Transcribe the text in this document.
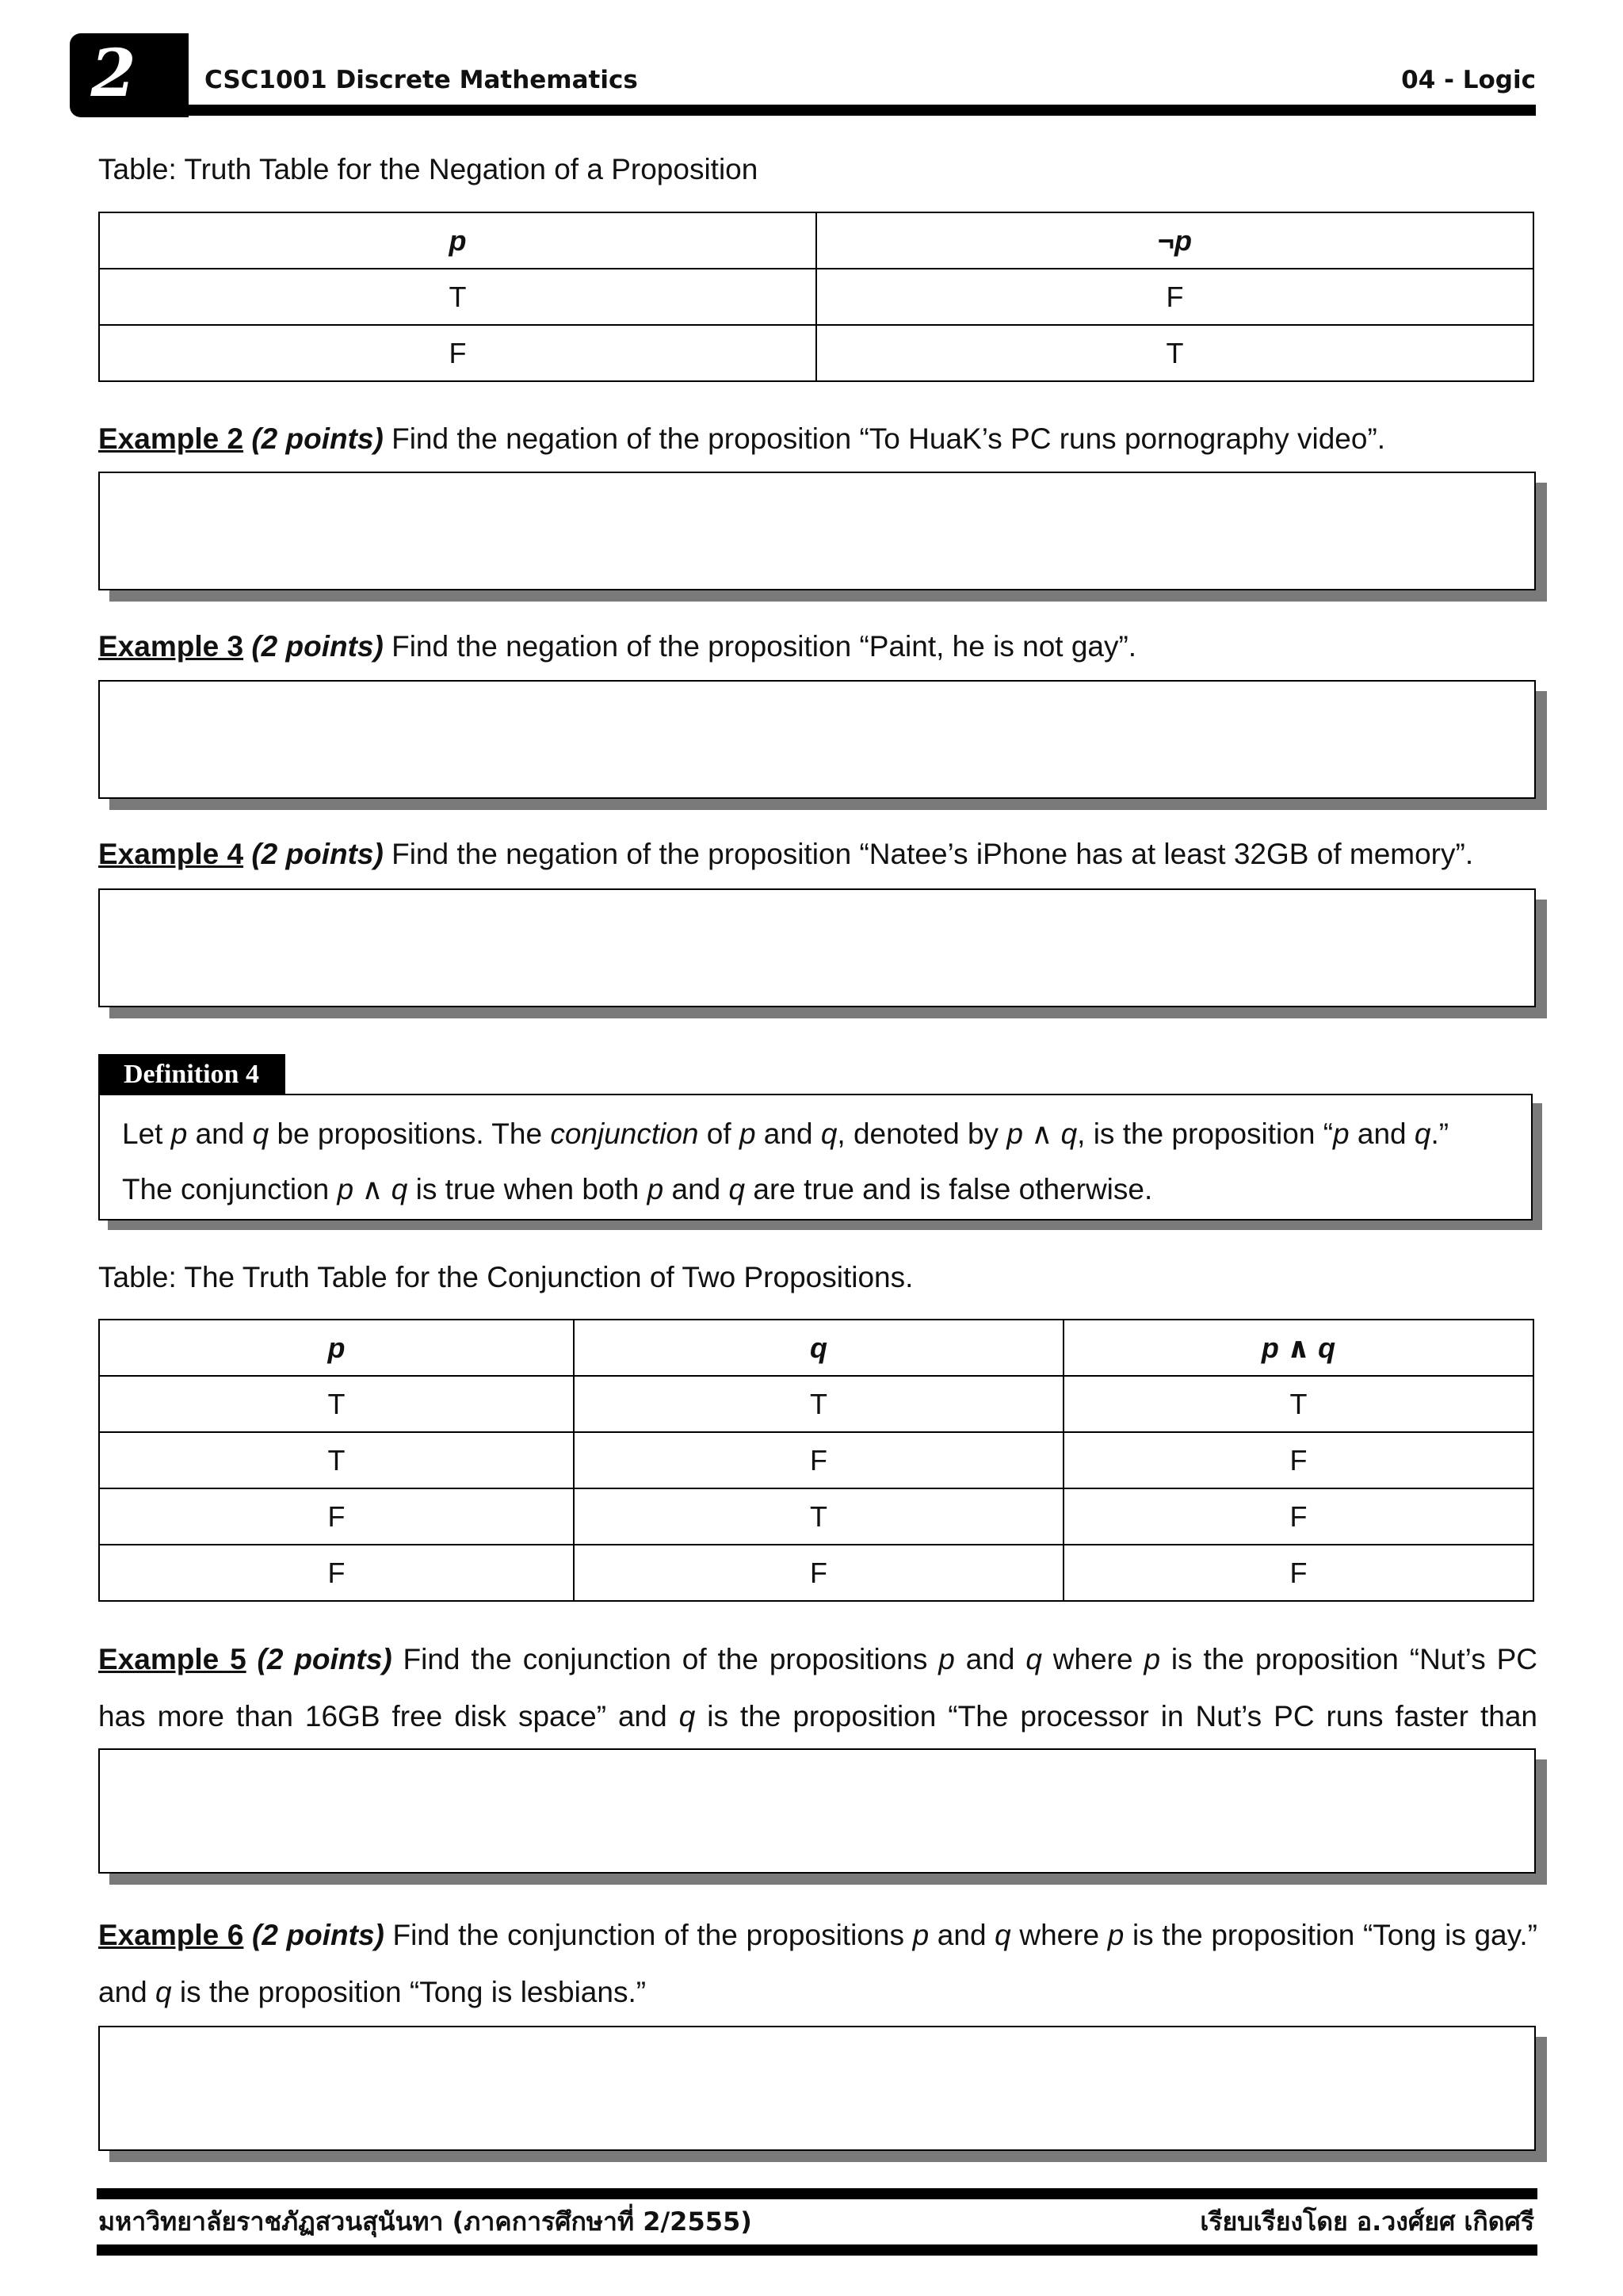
2	CSC1001 Discrete Mathematics	04 - Logic
Table: Truth Table for the Negation of a Proposition
p	¬p
T	F
F	T
Example 2 (2 points) Find the negation of the proposition “To HuaK’s PC runs pornography video”.
Example 3 (2 points) Find the negation of the proposition “Paint, he is not gay”.
Example 4 (2 points) Find the negation of the proposition “Natee’s iPhone has at least 32GB of memory”.
Definition 4
Let p and q be propositions. The conjunction of p and q, denoted by p ∧ q, is the proposition “p and q.”
The conjunction p ∧ q is true when both p and q are true and is false otherwise.
Table: The Truth Table for the Conjunction of Two Propositions.
p	q	p ∧ q
T	T	T
T	F	F
F	T	F
F	F	F
Example 5 (2 points) Find the conjunction of the propositions p and q where p is the proposition “Nut’s PC has more than 16GB free disk space” and q is the proposition “The processor in Nut’s PC runs faster than
Example 6 (2 points) Find the conjunction of the propositions p and q where p is the proposition “Tong is gay.” and q is the proposition “Tong is lesbians.”
มหาวิทยาลัยราชภัฏสวนสุนันทา (ภาคการศึกษาที่ 2/2555)	เรียบเรียงโดย อ.วงศ์ยศ เกิดศรี
